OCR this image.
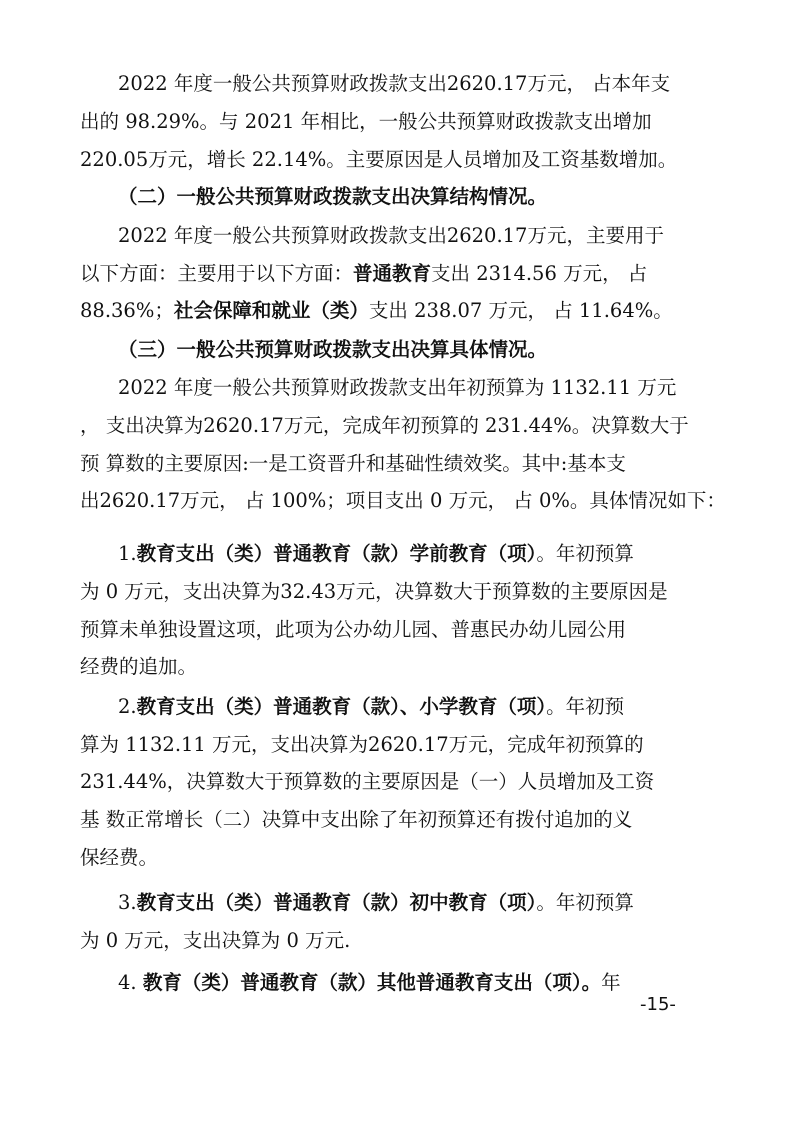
2022 年度一般公共预算财政拨款支出2620.17万元， 占本年支
出的 98.29%。与 2021 年相比，一般公共预算财政拨款支出增加
220.05万元，增长 22.14%。主要原因是人员增加及工资基数增加。
（二）一般公共预算财政拨款支出决算结构情况。
2022 年度一般公共预算财政拨款支出2620.17万元，主要用于
以下方面：主要用于以下方面：普通教育支出 2314.56 万元， 占
88.36%；社会保障和就业（类）支出 238.07 万元， 占 11.64%。
（三）一般公共预算财政拨款支出决算具体情况。
2022 年度一般公共预算财政拨款支出年初预算为 1132.11 万元
， 支出决算为2620.17万元，完成年初预算的 231.44%。决算数大于
预 算数的主要原因:一是工资晋升和基础性绩效奖。其中:基本支
出2620.17万元， 占 100%；项目支出 0 万元， 占 0%。具体情况如下：
1.教育支出（类）普通教育（款）学前教育（项）。年初预算
为 0 万元，支出决算为32.43万元，决算数大于预算数的主要原因是
预算未单独设置这项，此项为公办幼儿园、普惠民办幼儿园公用
经费的追加。
2.教育支出（类）普通教育（款）、小学教育（项）。年初预
算为 1132.11 万元，支出决算为2620.17万元，完成年初预算的
231.44%，决算数大于预算数的主要原因是（一）人员增加及工资
基 数正常增长（二）决算中支出除了年初预算还有拨付追加的义
保经费。
3.教育支出（类）普通教育（款）初中教育（项）。年初预算
为 0 万元，支出决算为 0 万元.
4. 教育（类）普通教育（款）其他普通教育支出（项）。年
-15-
